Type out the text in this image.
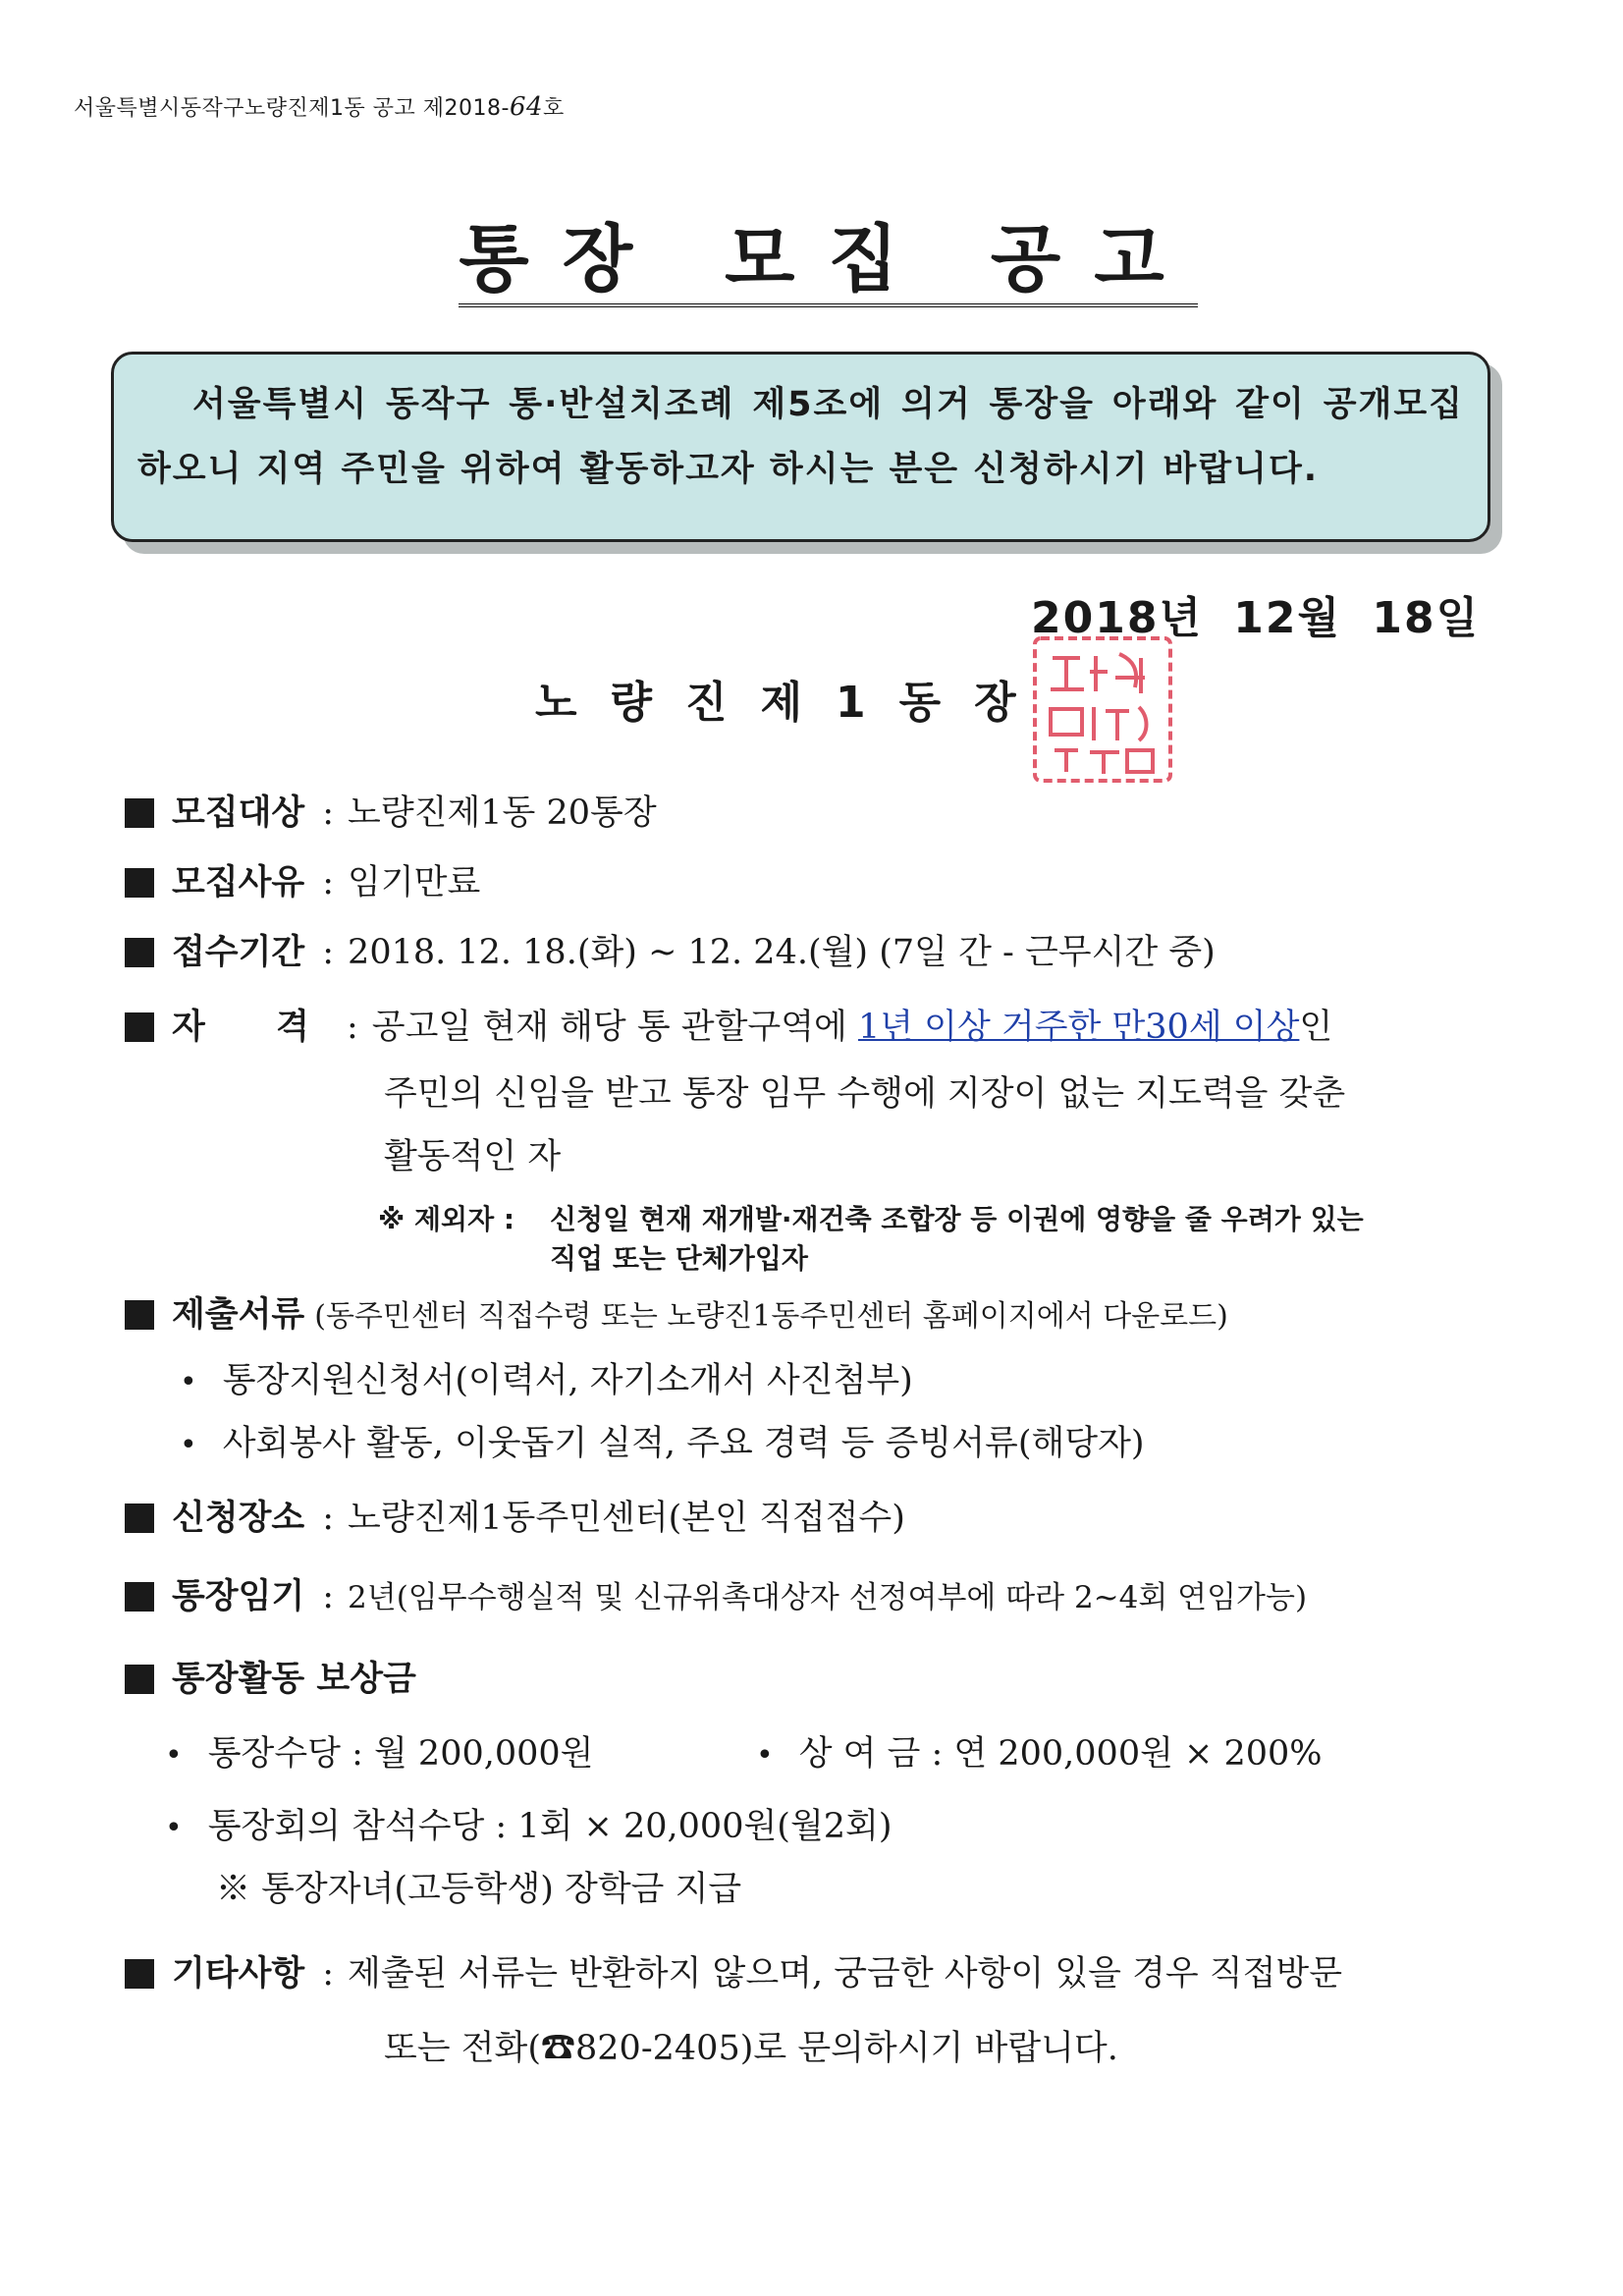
서울특별시동작구노량진제1동 공고 제2018-64호
통장 모집 공고
서울특별시 동작구 통·반설치조례 제5조에 의거 통장을 아래와 같이 공개모집하오니 지역 주민을 위하여 활동하고자 하시는 분은 신청하시기 바랍니다.
2018년 12월 18일
노량진제1동장
모집대상 : 노량진제1동 20통장
모집사유 : 임기만료
접수기간 : 2018. 12. 18.(화) ~ 12. 24.(월) (7일 간 - 근무시간 중)
자 격 : 공고일 현재 해당 통 관할구역에 1년 이상 거주한 만30세 이상인
주민의 신임을 받고 통장 임무 수행에 지장이 없는 지도력을 갖춘
활동적인 자
※ 제외자 : 신청일 현재 재개발·재건축 조합장 등 이권에 영향을 줄 우려가 있는
직업 또는 단체가입자
제출서류 (동주민센터 직접수령 또는 노량진1동주민센터 홈페이지에서 다운로드)
• 통장지원신청서(이력서, 자기소개서 사진첨부)
• 사회봉사 활동, 이웃돕기 실적, 주요 경력 등 증빙서류(해당자)
신청장소 : 노량진제1동주민센터(본인 직접접수)
통장임기 : 2년(임무수행실적 및 신규위촉대상자 선정여부에 따라 2~4회 연임가능)
통장활동 보상금
• 통장수당 : 월 200,000원	• 상 여 금 : 연 200,000원 × 200%
• 통장회의 참석수당 : 1회 × 20,000원(월2회)
※ 통장자녀(고등학생) 장학금 지급
기타사항 : 제출된 서류는 반환하지 않으며, 궁금한 사항이 있을 경우 직접방문
또는 전화(☎820-2405)로 문의하시기 바랍니다.
